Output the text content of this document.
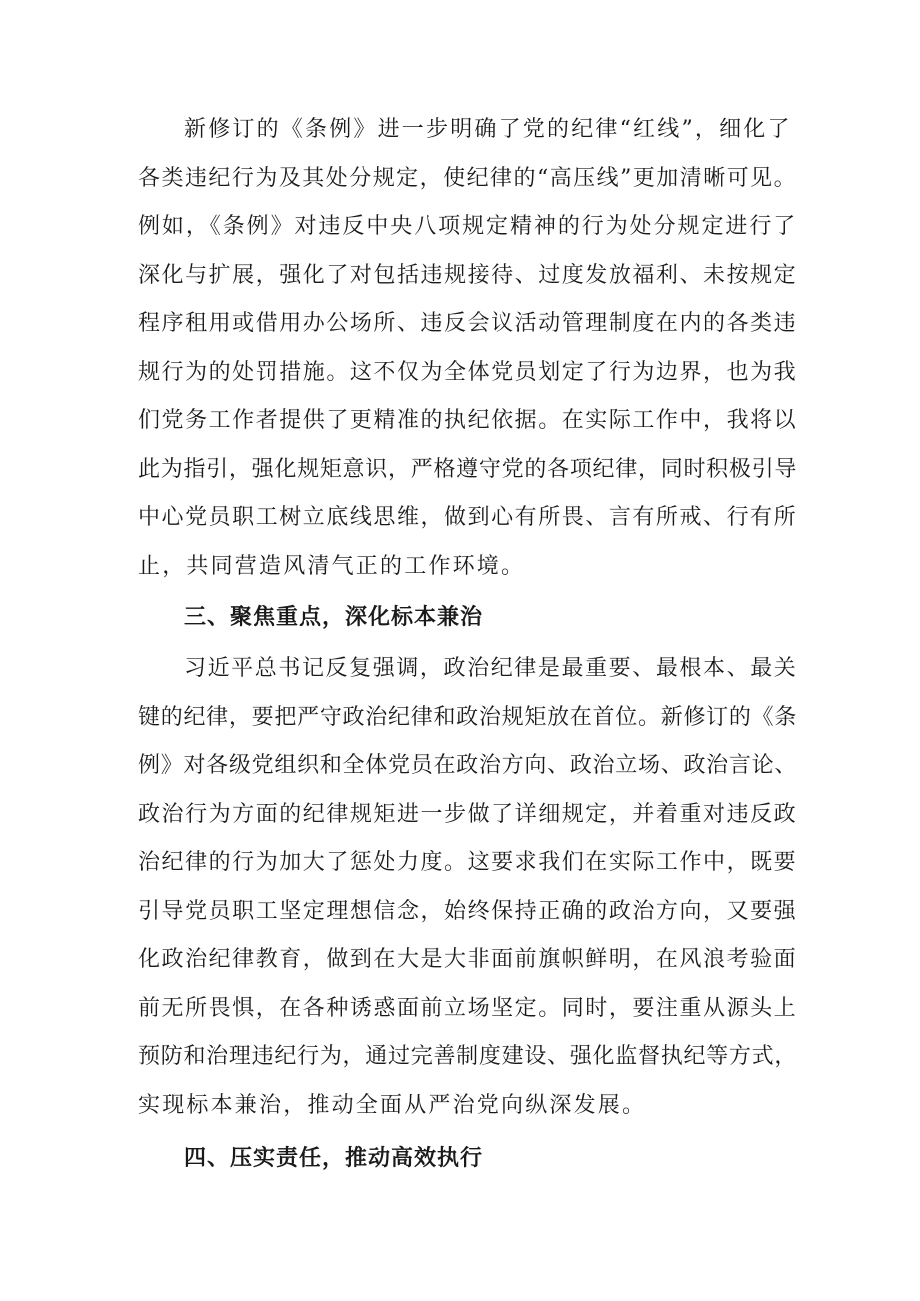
新修订的《条例》进一步明确了党的纪律“红线”，细化了
各类违纪行为及其处分规定，使纪律的“高压线”更加清晰可见。
例如，《条例》对违反中央八项规定精神的行为处分规定进行了
深化与扩展，强化了对包括违规接待、过度发放福利、未按规定
程序租用或借用办公场所、违反会议活动管理制度在内的各类违
规行为的处罚措施。这不仅为全体党员划定了行为边界，也为我
们党务工作者提供了更精准的执纪依据。在实际工作中，我将以
此为指引，强化规矩意识，严格遵守党的各项纪律，同时积极引导
中心党员职工树立底线思维，做到心有所畏、言有所戒、行有所
止，共同营造风清气正的工作环境。
三、聚焦重点，深化标本兼治
习近平总书记反复强调，政治纪律是最重要、最根本、最关
键的纪律，要把严守政治纪律和政治规矩放在首位。新修订的《条
例》对各级党组织和全体党员在政治方向、政治立场、政治言论、
政治行为方面的纪律规矩进一步做了详细规定，并着重对违反政
治纪律的行为加大了惩处力度。这要求我们在实际工作中，既要
引导党员职工坚定理想信念，始终保持正确的政治方向，又要强
化政治纪律教育，做到在大是大非面前旗帜鲜明，在风浪考验面
前无所畏惧，在各种诱惑面前立场坚定。同时，要注重从源头上
预防和治理违纪行为，通过完善制度建设、强化监督执纪等方式，
实现标本兼治，推动全面从严治党向纵深发展。
四、压实责任，推动高效执行
